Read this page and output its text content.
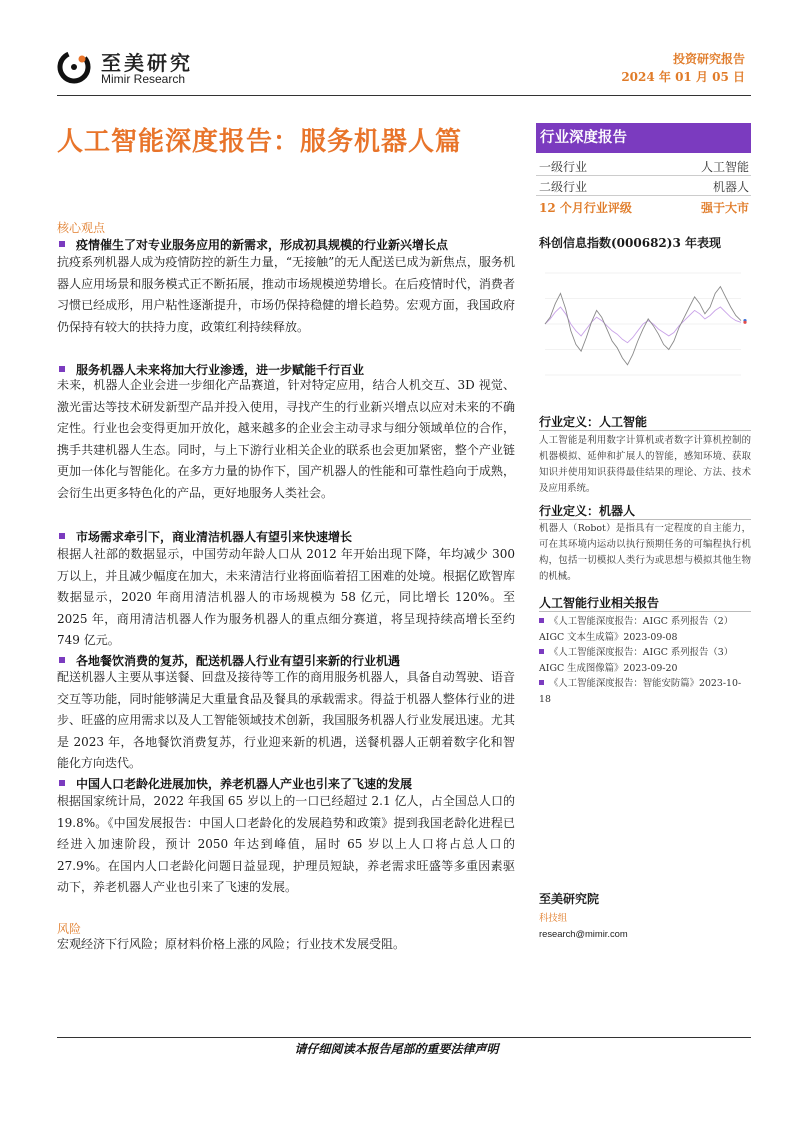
至美研究
Mimir Research
投资研究报告
2024 年 01 月 05 日
人工智能深度报告：服务机器人篇
核心观点
疫情催生了对专业服务应用的新需求，形成初具规模的行业新兴增长点
抗疫系列机器人成为疫情防控的新生力量，“无接触”的无人配送已成为新焦点，服务机器人应用场景和服务模式正不断拓展，推动市场规模逆势增长。在后疫情时代，消费者习惯已经成形，用户粘性逐渐提升，市场仍保持稳健的增长趋势。宏观方面，我国政府仍保持有较大的扶持力度，政策红利持续释放。
服务机器人未来将加大行业渗透，进一步赋能千行百业
未来，机器人企业会进一步细化产品赛道，针对特定应用，结合人机交互、3D 视觉、激光雷达等技术研发新型产品并投入使用，寻找产生的行业新兴增点以应对未来的不确定性。行业也会变得更加开放化，越来越多的企业会主动寻求与细分领域单位的合作，携手共建机器人生态。同时，与上下游行业相关企业的联系也会更加紧密，整个产业链更加一体化与智能化。在多方力量的协作下，国产机器人的性能和可靠性趋向于成熟，会衍生出更多特色化的产品，更好地服务人类社会。
市场需求牵引下，商业清洁机器人有望引来快速增长
根据人社部的数据显示，中国劳动年龄人口从 2012 年开始出现下降，年均减少 300 万以上，并且减少幅度在加大，未来清洁行业将面临着招工困难的处境。根据亿欧智库数据显示，2020 年商用清洁机器人的市场规模为 58 亿元，同比增长 120%。至 2025 年，商用清洁机器人作为服务机器人的重点细分赛道，将呈现持续高增长至约 749 亿元。
各地餐饮消费的复苏，配送机器人行业有望引来新的行业机遇
配送机器人主要从事送餐、回盘及接待等工作的商用服务机器人，具备自动驾驶、语音交互等功能，同时能够满足大重量食品及餐具的承载需求。得益于机器人整体行业的进步、旺盛的应用需求以及人工智能领域技术创新，我国服务机器人行业发展迅速。尤其是 2023 年，各地餐饮消费复苏，行业迎来新的机遇，送餐机器人正朝着数字化和智能化方向迭代。
中国人口老龄化进展加快，养老机器人产业也引来了飞速的发展
根据国家统计局，2022 年我国 65 岁以上的一口已经超过 2.1 亿人，占全国总人口的 19.8%。《中国发展报告：中国人口老龄化的发展趋势和政策》提到我国老龄化进程已经进入加速阶段，预计 2050 年达到峰值，届时 65 岁以上人口将占总人口的 27.9%。在国内人口老龄化问题日益显现，护理员短缺，养老需求旺盛等多重因素驱动下，养老机器人产业也引来了飞速的发展。
风险
宏观经济下行风险；原材料价格上涨的风险；行业技术发展受阻。
行业深度报告
一级行业	人工智能
二级行业	机器人
12 个月行业评级	强于大市
科创信息指数(000682)3 年表现
行业定义：人工智能
人工智能是利用数字计算机或者数字计算机控制的机器模拟、延伸和扩展人的智能，感知环境、获取知识并使用知识获得最佳结果的理论、方法、技术及应用系统。
行业定义：机器人
机器人（Robot）是指具有一定程度的自主能力，可在其环境内运动以执行预期任务的可编程执行机构，包括一切模拟人类行为或思想与模拟其他生物的机械。
人工智能行业相关报告
《人工智能深度报告：AIGC 系列报告（2）AIGC 文本生成篇》2023-09-08
《人工智能深度报告：AIGC 系列报告（3）AIGC 生成图像篇》2023-09-20
《人工智能深度报告：智能安防篇》2023-10-18
至美研究院
科技组
research@mimir.com
请仔细阅读本报告尾部的重要法律声明
